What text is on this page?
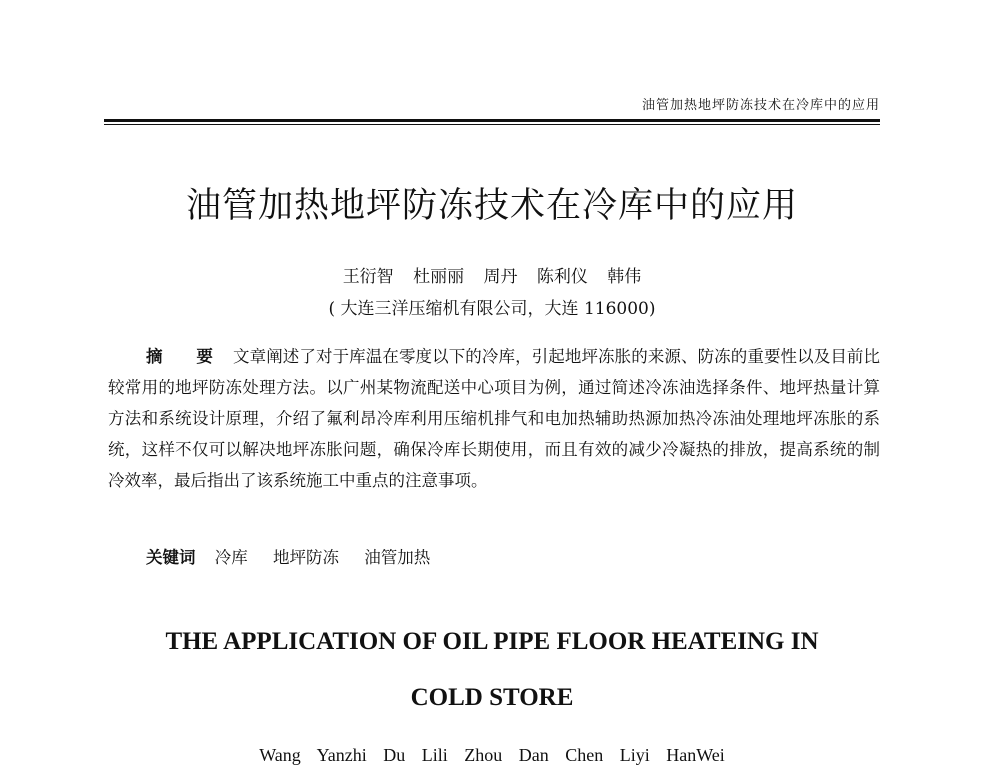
油管加热地坪防冻技术在冷库中的应用
油管加热地坪防冻技术在冷库中的应用
王衍智 杜丽丽 周丹 陈利仪 韩伟
( 大连三洋压缩机有限公司，大连 116000)

摘 要 文章阐述了对于库温在零度以下的冷库，引起地坪冻胀的来源、防冻的重要性以及目前比较常用的地坪防冻处理方法。以广州某物流配送中心项目为例，通过简述冷冻油选择条件、地坪热量计算方法和系统设计原理，介绍了氟利昂冷库利用压缩机排气和电加热辅助热源加热冷冻油处理地坪冻胀的系统，这样不仅可以解决地坪冻胀问题，确保冷库长期使用，而且有效的减少冷凝热的排放，提高系统的制冷效率，最后指出了该系统施工中重点的注意事项。

关键词 冷库 地坪防冻 油管加热

THE APPLICATION OF OIL PIPE FLOOR HEATEING IN
COLD STORE
Wang Yanzhi Du Lili Zhou Dan Chen Liyi HanWei
